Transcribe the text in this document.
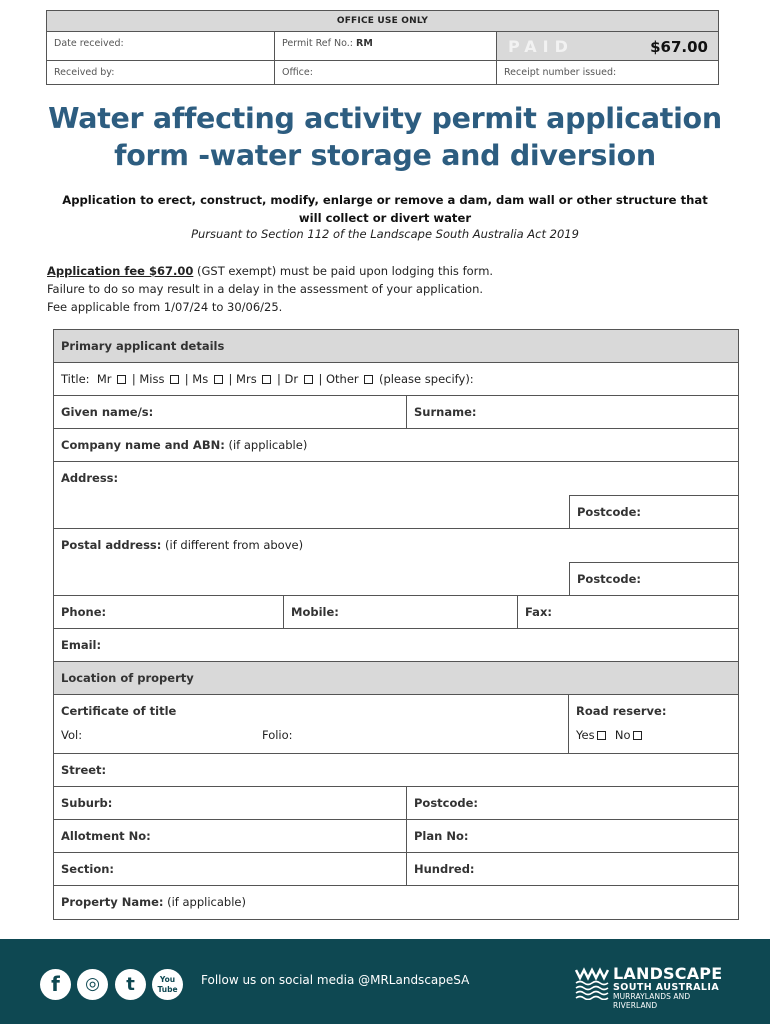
OFFICE USE ONLY
Date received:	Permit Ref No.: RM	PAID	$67.00
Received by:	Office:	Receipt number issued:
Water affecting activity permit application
form -water storage and diversion
Application to erect, construct, modify, enlarge or remove a dam, dam wall or other structure that
will collect or divert water
Pursuant to Section 112 of the Landscape South Australia Act 2019
Application fee $67.00 (GST exempt) must be paid upon lodging this form.
Failure to do so may result in a delay in the assessment of your application.
Fee applicable from 1/07/24 to 30/06/25.
Primary applicant details
Title: Mr | Miss | Ms | Mrs | Dr | Other (please specify):
Given name/s:	Surname:
Company name and ABN: (if applicable)
Address:
Postcode:
Postal address: (if different from above)
Postcode:
Phone:	Mobile:	Fax:
Email:
Location of property
Certificate of title
Vol:	Folio:
Road reserve:
Yes No
Street:
Suburb:	Postcode:
Allotment No:	Plan No:
Section:	Hundred:
Property Name: (if applicable)
f	◎	t	You Tube
Follow us on social media @MRLandscapeSA	LANDSCAPE
SOUTH AUSTRALIA
MURRAYLANDS AND RIVERLAND
